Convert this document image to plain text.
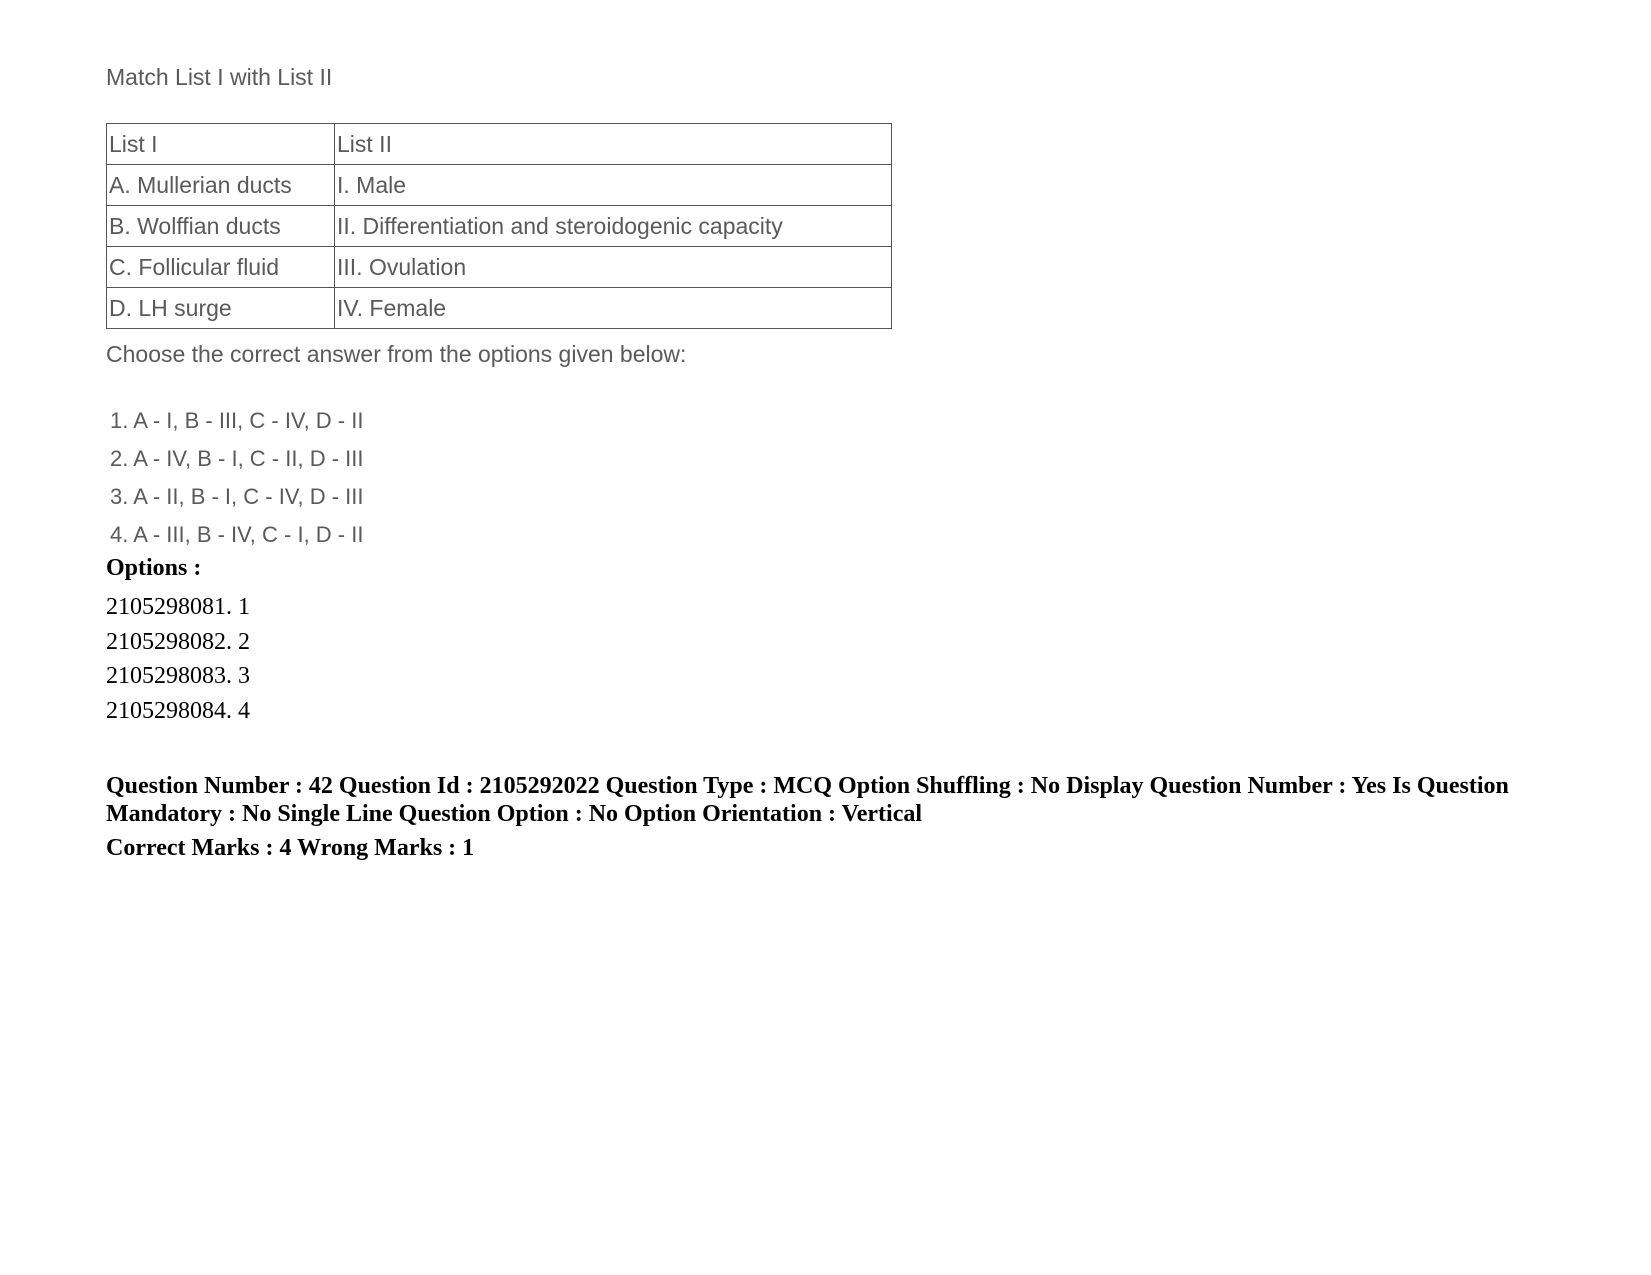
Match List I with List II

List I	List II
A. Mullerian ducts	I. Male
B. Wolffian ducts	II. Differentiation and steroidogenic capacity
C. Follicular fluid	III. Ovulation
D. LH surge	IV. Female

Choose the correct answer from the options given below:

1. A - I, B - III, C - IV, D - II
2. A - IV, B - I, C - II, D - III
3. A - II, B - I, C - IV, D - III
4. A - III, B - IV, C - I, D - II

Options :

2105298081. 1
2105298082. 2
2105298083. 3
2105298084. 4

Question Number : 42 Question Id : 2105292022 Question Type : MCQ Option Shuffling : No Display Question Number : Yes Is Question Mandatory : No Single Line Question Option : No Option Orientation : Vertical

Correct Marks : 4 Wrong Marks : 1
